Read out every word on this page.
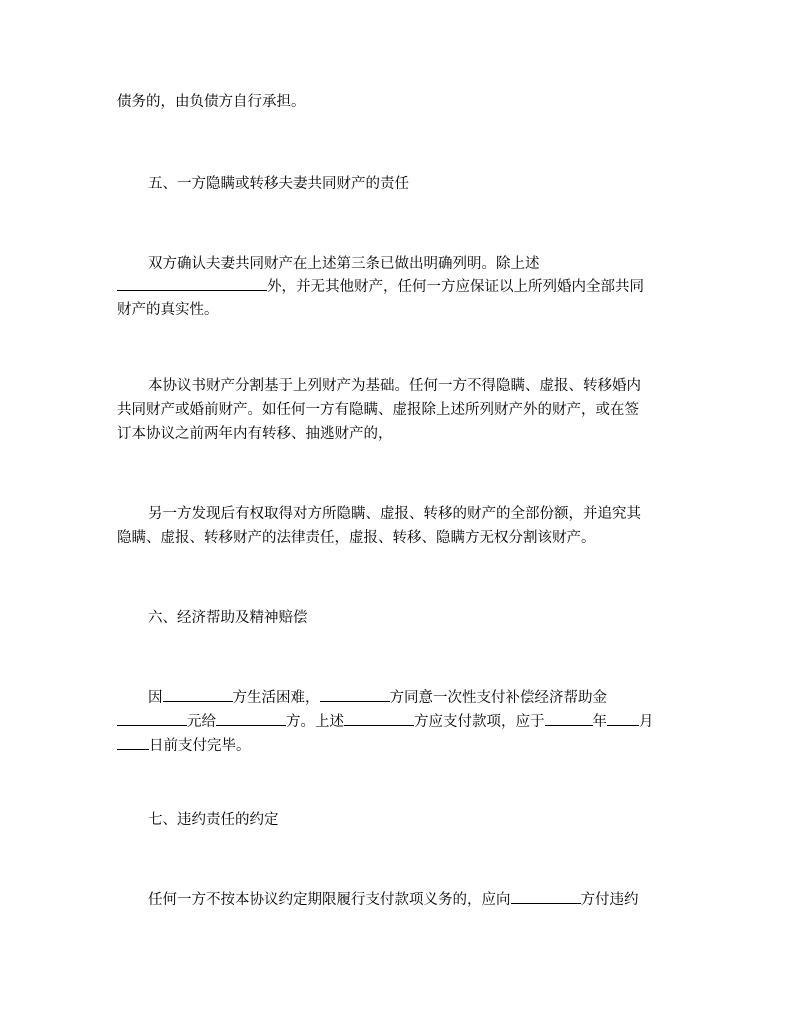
债务的，由负债方自行承担。
五、一方隐瞒或转移夫妻共同财产的责任
双方确认夫妻共同财产在上述第三条已做出明确列明。除上述
外，并无其他财产，任何一方应保证以上所列婚内全部共同
财产的真实性。
本协议书财产分割基于上列财产为基础。任何一方不得隐瞒、虚报、转移婚内
共同财产或婚前财产。如任何一方有隐瞒、虚报除上述所列财产外的财产，或在签
订本协议之前两年内有转移、抽逃财产的，
另一方发现后有权取得对方所隐瞒、虚报、转移的财产的全部份额，并追究其
隐瞒、虚报、转移财产的法律责任，虚报、转移、隐瞒方无权分割该财产。
六、经济帮助及精神赔偿
因	方生活困难，	方同意一次性支付补偿经济帮助金
元给	方。上述	方应支付款项，应于	年 月
日前支付完毕。
七、违约责任的约定
任何一方不按本协议约定期限履行支付款项义务的，应向	方付违约
